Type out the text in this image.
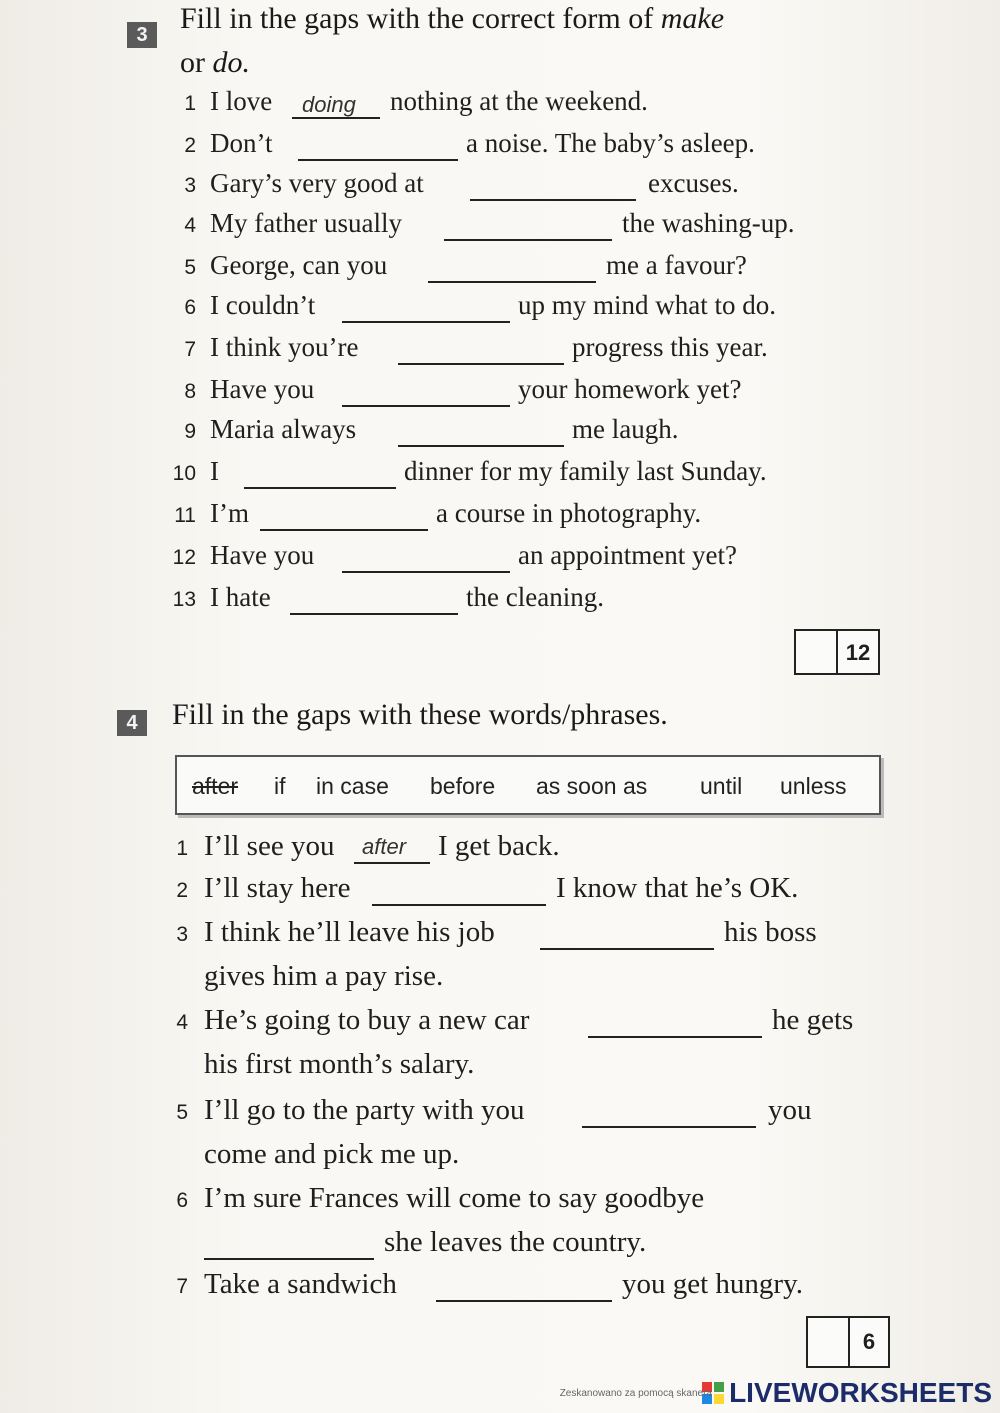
3	Fill in the gaps with the correct form of make
or do.
1 I love doing nothing at the weekend.
2 Don’t	a noise. The baby’s asleep.
3 Gary’s very good at	excuses.
4 My father usually	the washing-up.
5 George, can you	me a favour?
6 I couldn’t	up my mind what to do.
7 I think you’re	progress this year.
8 Have you	your homework yet?
9 Maria always	me laugh.
10 I	dinner for my family last Sunday.
11 I’m	a course in photography.
12 Have you	an appointment yet?
13 I hate	the cleaning.
12
4	Fill in the gaps with these words/phrases.
after if in case before as soon as until unless
1 I’ll see you after I get back.
2 I’ll stay here	I know that he’s OK.
3 I think he’ll leave his job	his boss
gives him a pay rise.
4 He’s going to buy a new car	he gets
his first month’s salary.
5 I’ll go to the party with you	you
come and pick me up.
6 I’m sure Frances will come to say goodbye
she leaves the country.
7 Take a sandwich	you get hungry.
6
Zeskanowano za pomocą skanera LIVEWORKSHEETS
